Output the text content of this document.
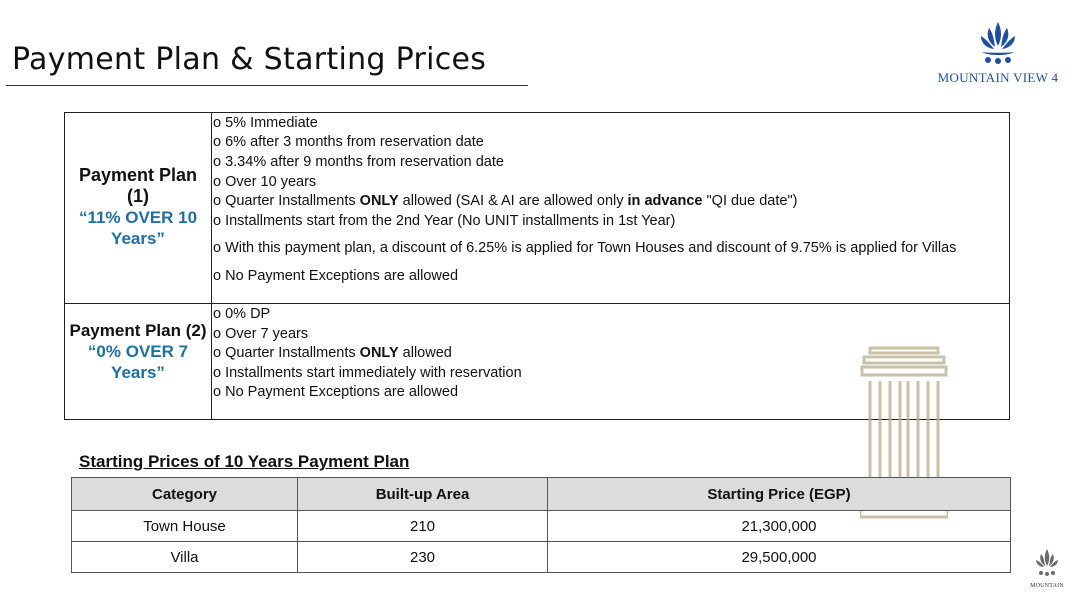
Payment Plan & Starting Prices
MOUNTAIN VIEW 4
Payment Plan
(1)
“11% OVER 10
Years”
o 5% Immediate
o 6% after 3 months from reservation date
o 3.34% after 9 months from reservation date
o Over 10 years
o Quarter Installments ONLY allowed (SAI & AI are allowed only in advance "QI due date")
o Installments start from the 2nd Year (No UNIT installments in 1st Year)
o With this payment plan, a discount of 6.25% is applied for Town Houses and discount of 9.75% is applied for Villas
o No Payment Exceptions are allowed
Payment Plan (2)
“0% OVER 7
Years”
o 0% DP
o Over 7 years
o Quarter Installments ONLY allowed
o Installments start immediately with reservation
o No Payment Exceptions are allowed
Starting Prices of 10 Years Payment Plan
Category	Built-up Area	Starting Price (EGP)
Town House	210	21,300,000
Villa	230	29,500,000
MOUNTAIN
